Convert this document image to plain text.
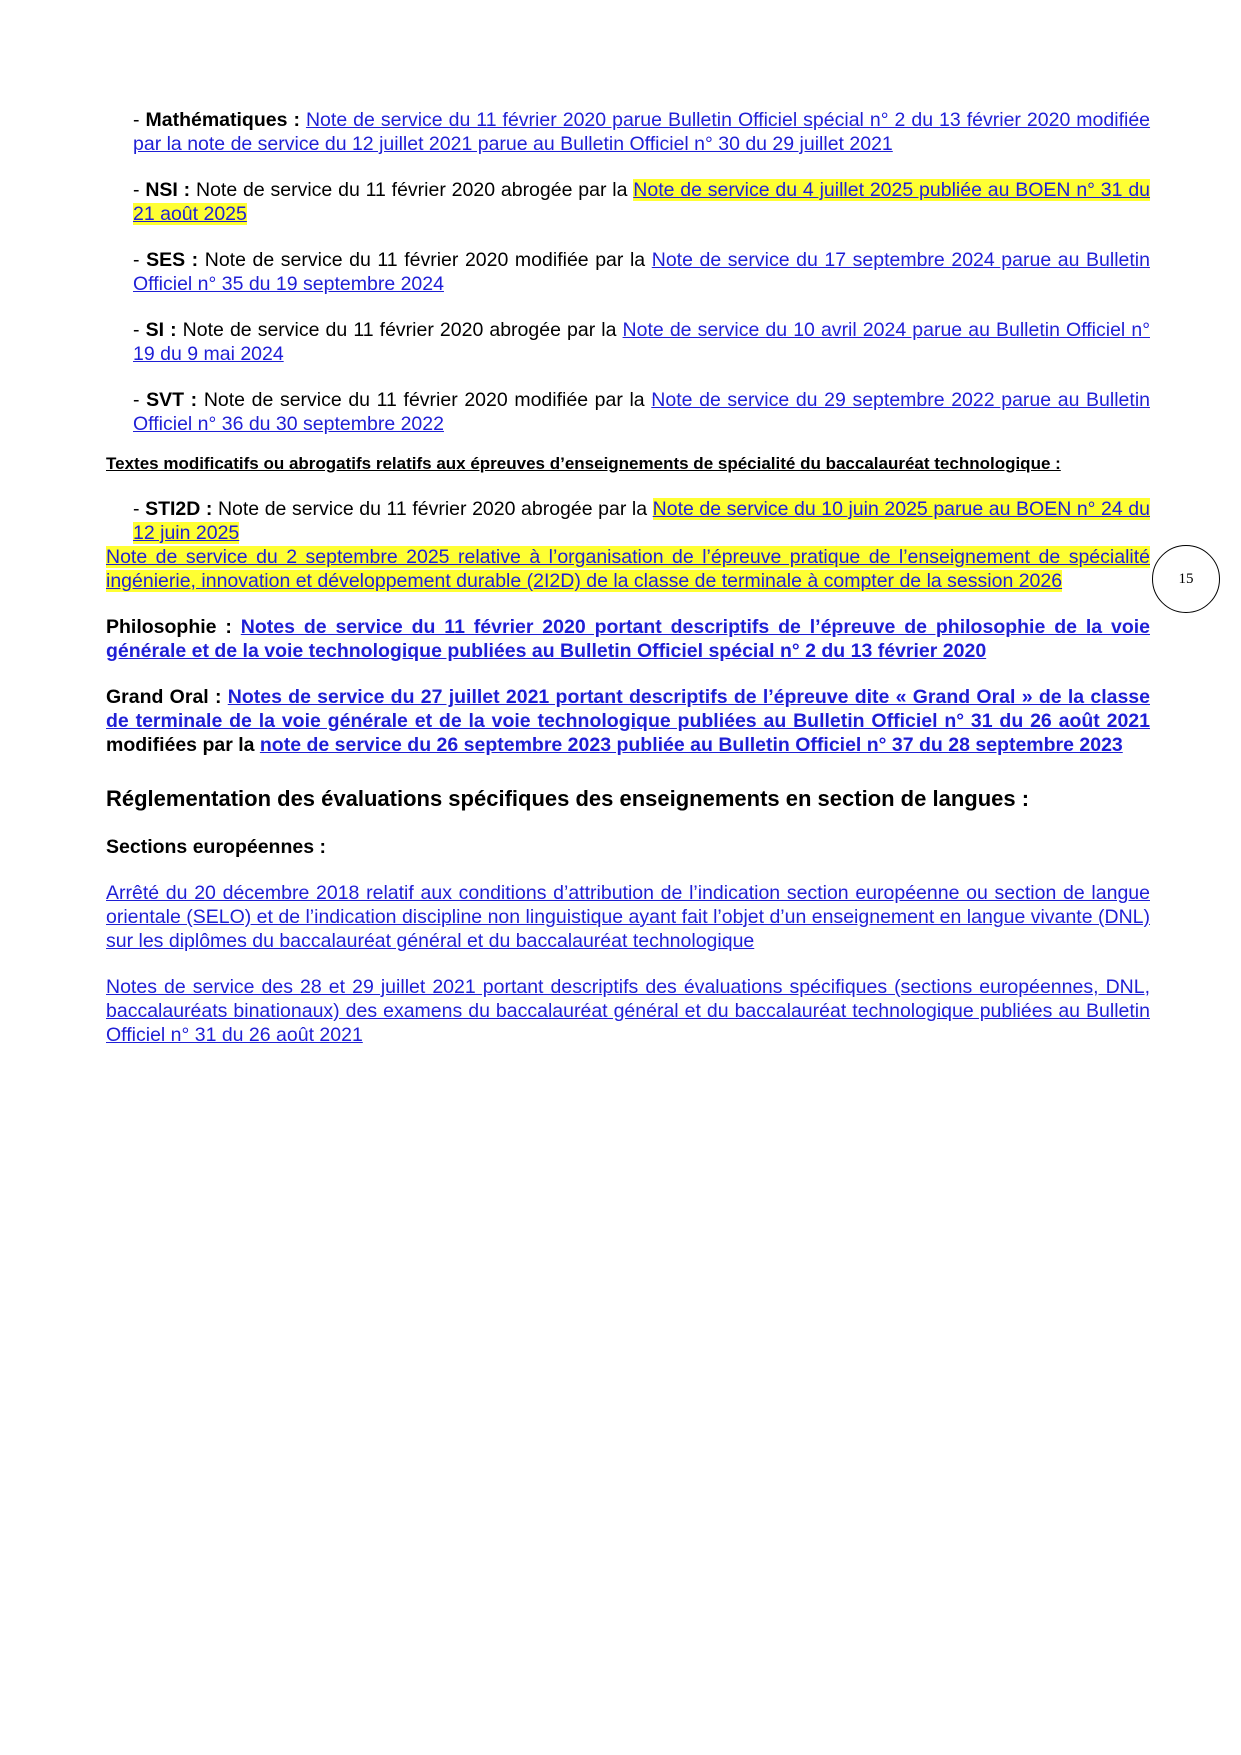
- Mathématiques : Note de service du 11 février 2020 parue Bulletin Officiel spécial n° 2 du 13 février 2020 modifiée par la note de service du 12 juillet 2021 parue au Bulletin Officiel n° 30 du 29 juillet 2021

- NSI : Note de service du 11 février 2020 abrogée par la Note de service du 4 juillet 2025 publiée au BOEN n° 31 du 21 août 2025

- SES : Note de service du 11 février 2020 modifiée par la Note de service du 17 septembre 2024 parue au Bulletin Officiel n° 35 du 19 septembre 2024

- SI : Note de service du 11 février 2020 abrogée par la Note de service du 10 avril 2024 parue au Bulletin Officiel n° 19 du 9 mai 2024

- SVT : Note de service du 11 février 2020 modifiée par la Note de service du 29 septembre 2022 parue au Bulletin Officiel n° 36 du 30 septembre 2022

Textes modificatifs ou abrogatifs relatifs aux épreuves d’enseignements de spécialité du baccalauréat technologique :

- STI2D : Note de service du 11 février 2020 abrogée par la Note de service du 10 juin 2025 parue au BOEN n° 24 du 12 juin 2025

Note de service du 2 septembre 2025 relative à l’organisation de l’épreuve pratique de l’enseignement de spécialité ingénierie, innovation et développement durable (2I2D) de la classe de terminale à compter de la session 2026

Philosophie : Notes de service du 11 février 2020 portant descriptifs de l’épreuve de philosophie de la voie générale et de la voie technologique publiées au Bulletin Officiel spécial n° 2 du 13 février 2020

Grand Oral : Notes de service du 27 juillet 2021 portant descriptifs de l’épreuve dite « Grand Oral » de la classe de terminale de la voie générale et de la voie technologique publiées au Bulletin Officiel n° 31 du 26 août 2021 modifiées par la note de service du 26 septembre 2023 publiée au Bulletin Officiel n° 37 du 28 septembre 2023

Réglementation des évaluations spécifiques des enseignements en section de langues :

Sections européennes :

Arrêté du 20 décembre 2018 relatif aux conditions d’attribution de l’indication section européenne ou section de langue orientale (SELO) et de l’indication discipline non linguistique ayant fait l’objet d’un enseignement en langue vivante (DNL) sur les diplômes du baccalauréat général et du baccalauréat technologique

Notes de service des 28 et 29 juillet 2021 portant descriptifs des évaluations spécifiques (sections européennes, DNL, baccalauréats binationaux) des examens du baccalauréat général et du baccalauréat technologique publiées au Bulletin Officiel n° 31 du 26 août 2021

15
